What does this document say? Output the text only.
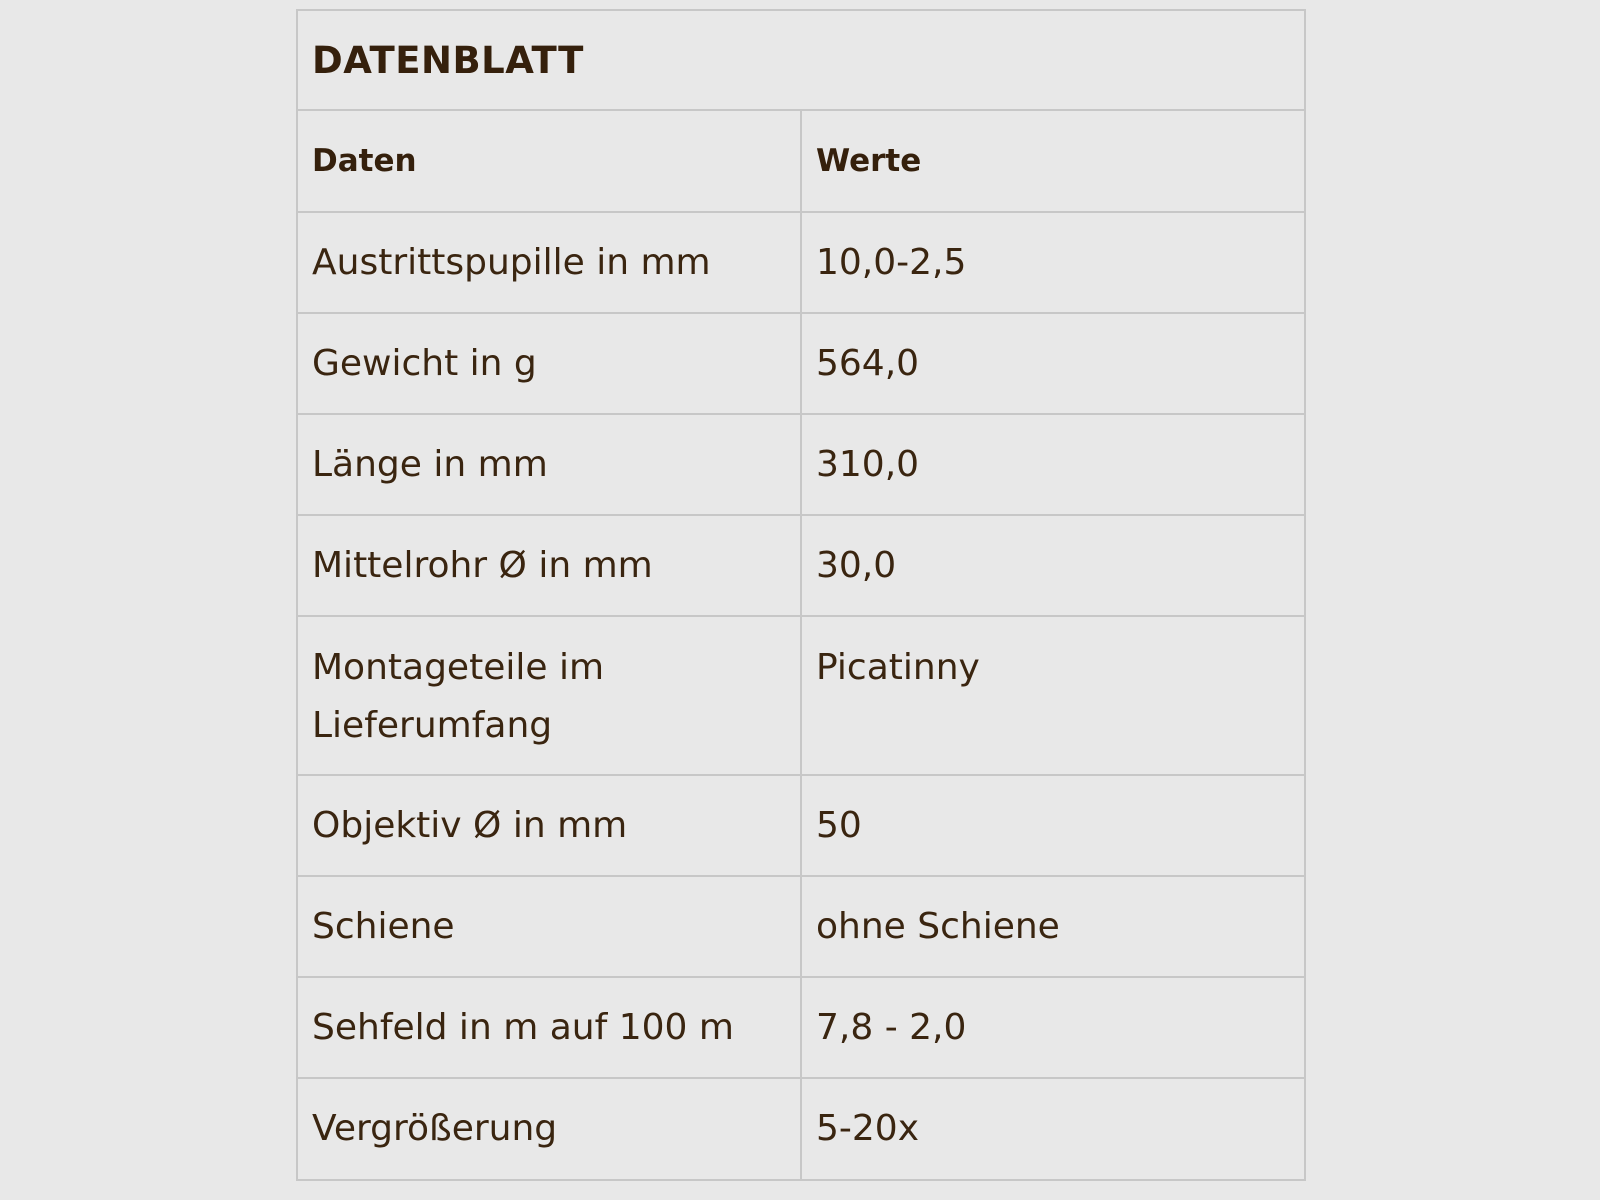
DATENBLATT
Daten	Werte
Austrittspupille in mm	10,0-2,5
Gewicht in g	564,0
Länge in mm	310,0
Mittelrohr Ø in mm	30,0
Montageteile im Lieferumfang	Picatinny
Objektiv Ø in mm	50
Schiene	ohne Schiene
Sehfeld in m auf 100 m	7,8 - 2,0
Vergrößerung	5-20x
